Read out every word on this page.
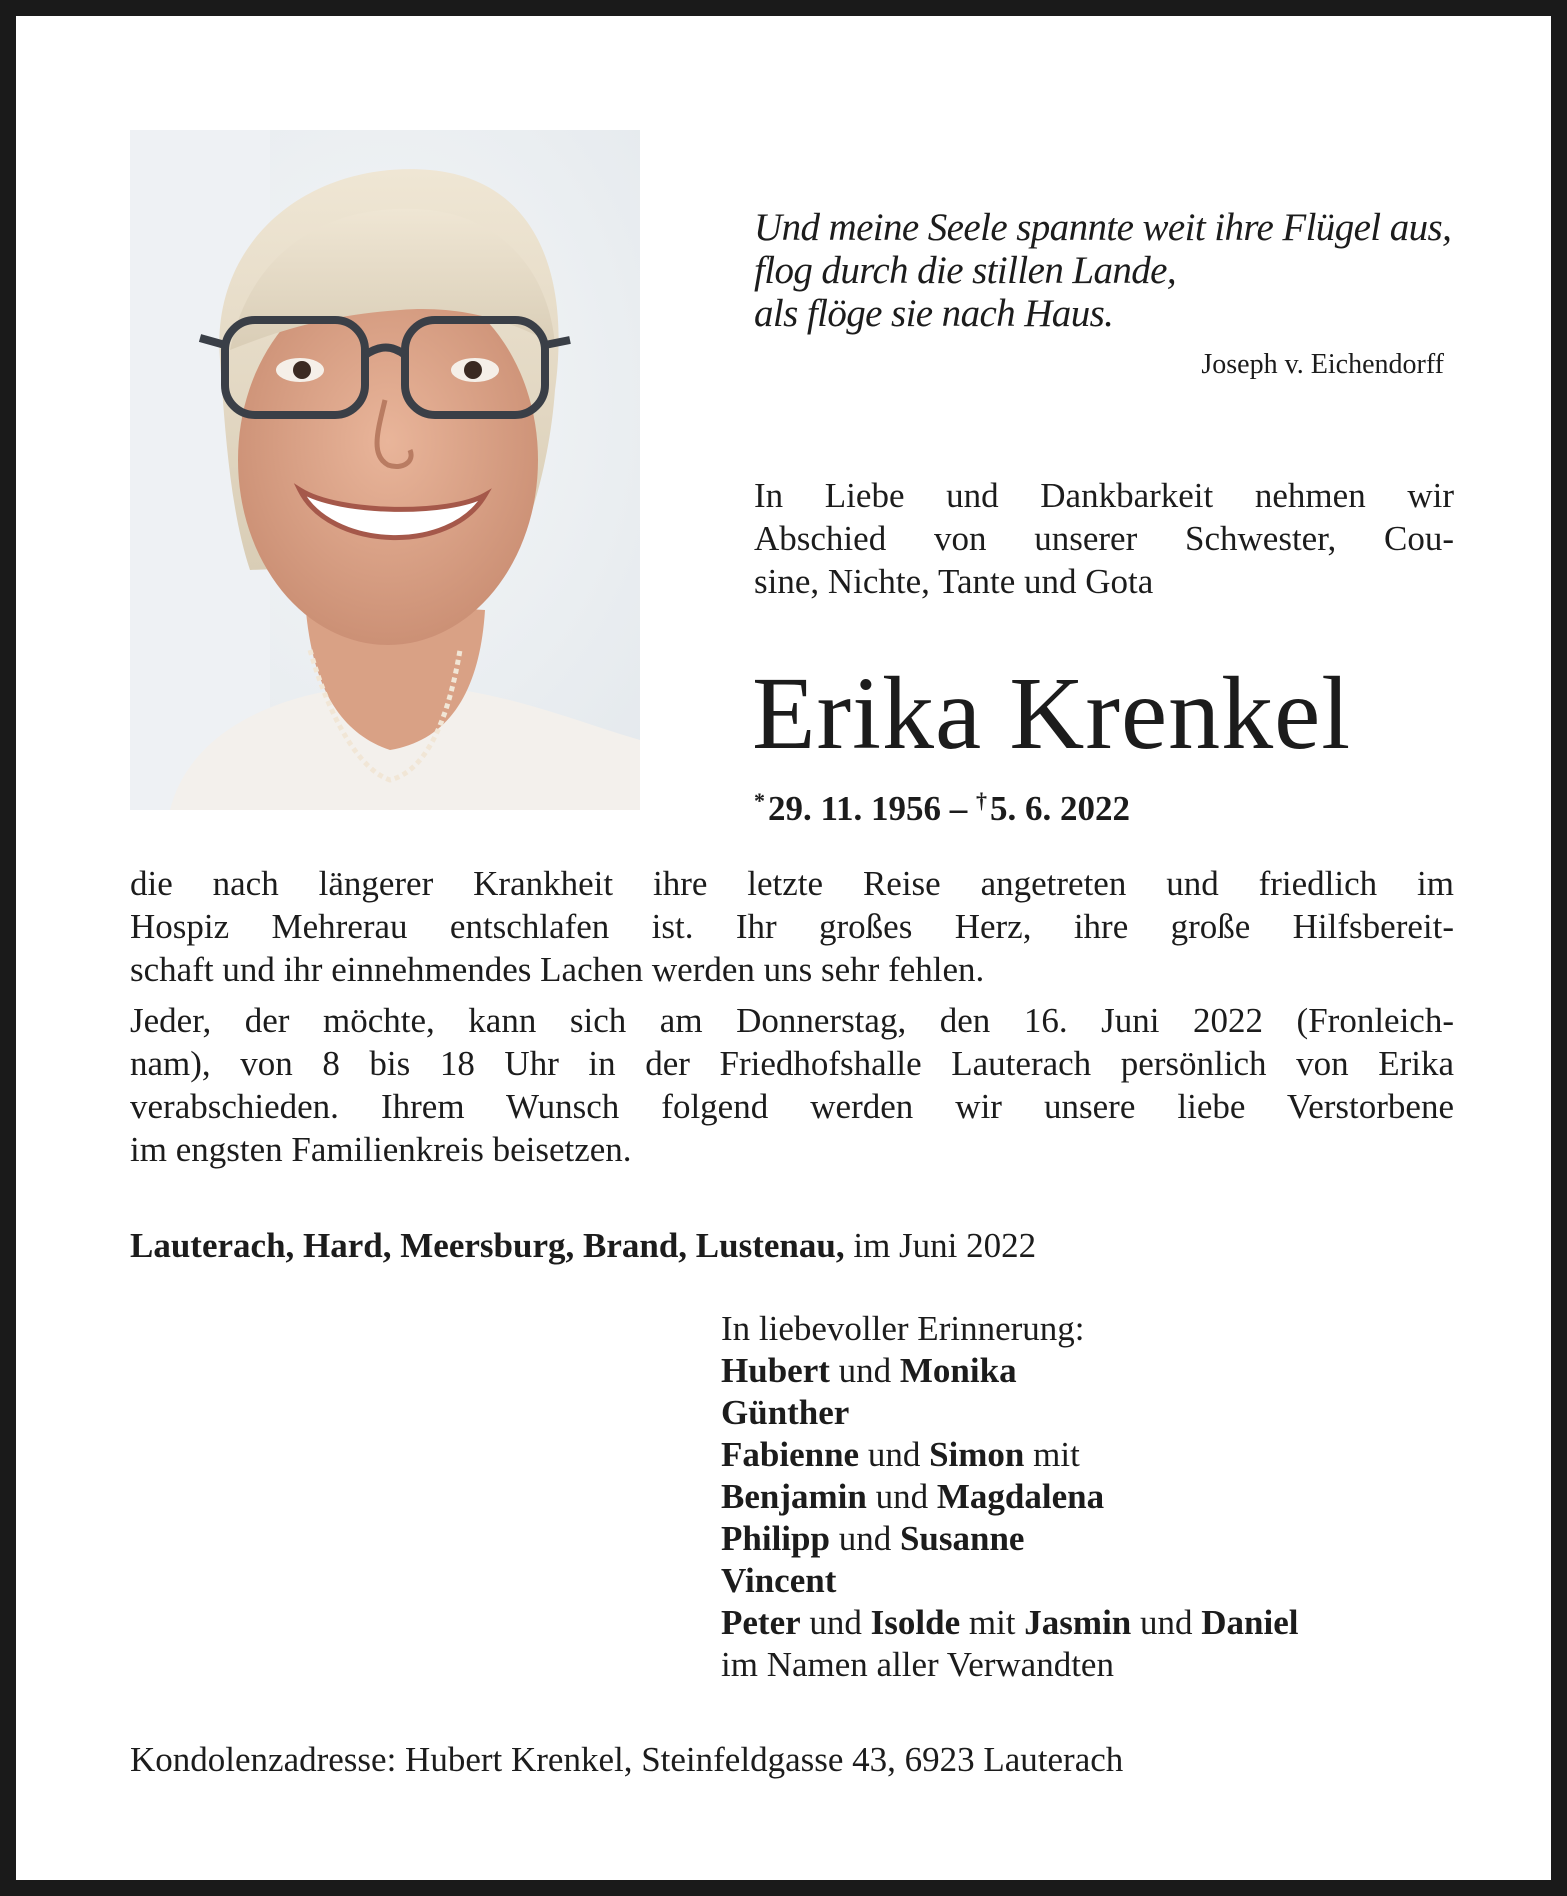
Und meine Seele spannte weit ihre Flügel aus,
flog durch die stillen Lande,
als flöge sie nach Haus.
Joseph v. Eichendorff
In Liebe und Dankbarkeit nehmen wir
Abschied von unserer Schwester, Cou-
sine, Nichte, Tante und Gota
Erika Krenkel
* 29. 11. 1956 – † 5. 6. 2022
die nach längerer Krankheit ihre letzte Reise angetreten und friedlich im
Hospiz Mehrerau entschlafen ist. Ihr großes Herz, ihre große Hilfsbereit-
schaft und ihr einnehmendes Lachen werden uns sehr fehlen.
Jeder, der möchte, kann sich am Donnerstag, den 16. Juni 2022 (Fronleich-
nam), von 8 bis 18 Uhr in der Friedhofshalle Lauterach persönlich von Erika
verabschieden. Ihrem Wunsch folgend werden wir unsere liebe Verstorbene
im engsten Familienkreis beisetzen.
Lauterach, Hard, Meersburg, Brand, Lustenau, im Juni 2022
In liebevoller Erinnerung:
Hubert und Monika
Günther
Fabienne und Simon mit
Benjamin und Magdalena
Philipp und Susanne
Vincent
Peter und Isolde mit Jasmin und Daniel
im Namen aller Verwandten
Kondolenzadresse: Hubert Krenkel, Steinfeldgasse 43, 6923 Lauterach
